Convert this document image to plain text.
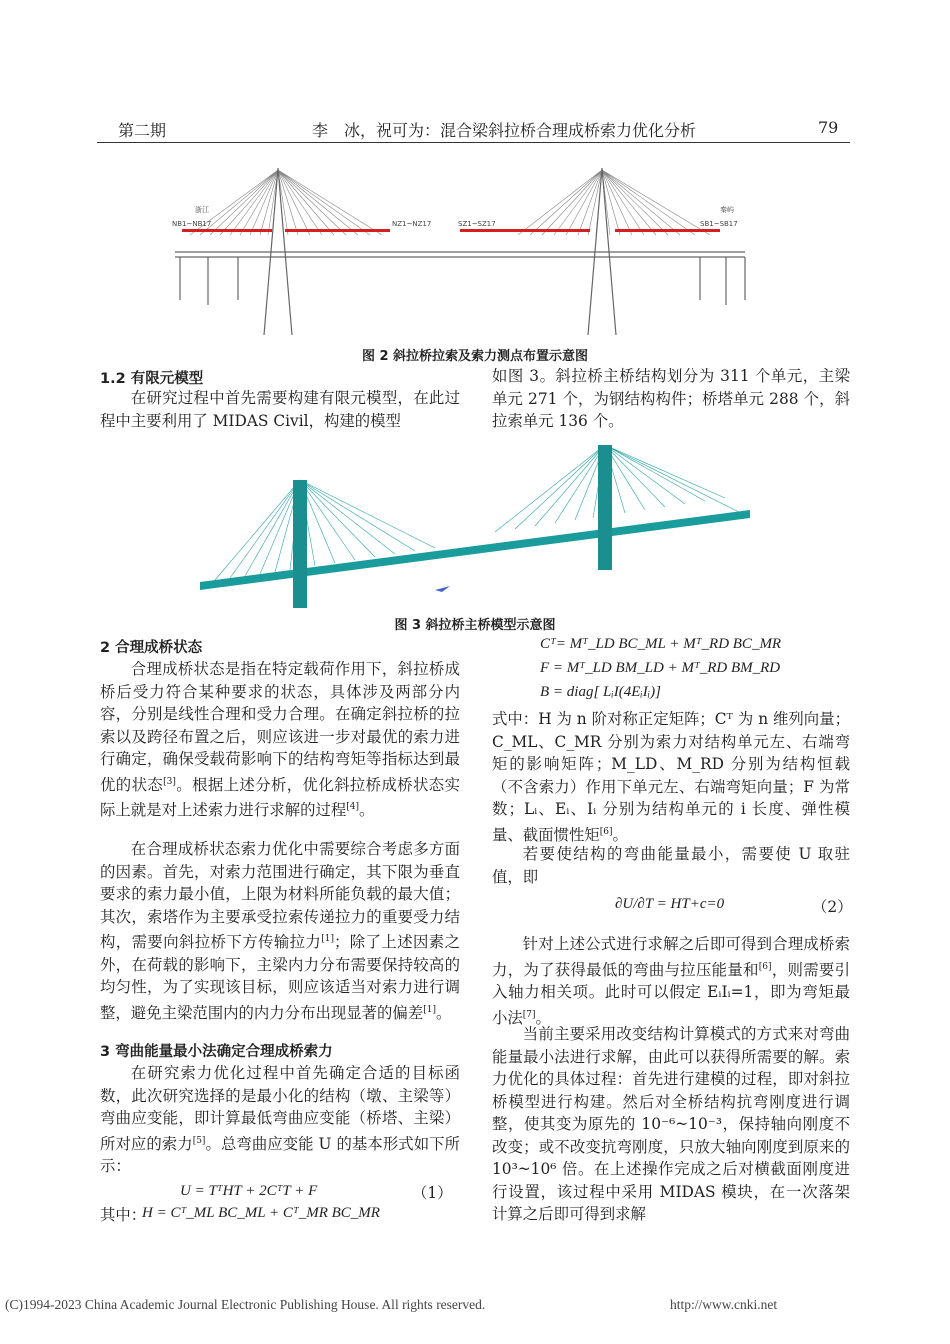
第二期	李　冰，祝可为：混合梁斜拉桥合理成桥索力优化分析	79
浙江	秦屿
NB1~NB17	NZ1~NZ17	SZ1~SZ17	SB1~SB17
图 2 斜拉桥拉索及索力测点布置示意图
1.2 有限元模型
在研究过程中首先需要构建有限元模型，在此过程中主要利用了 MIDAS Civil，构建的模型
如图 3。斜拉桥主桥结构划分为 311 个单元，主梁单元 271 个，为钢结构构件；桥塔单元 288 个，斜拉索单元 136 个。
图 3 斜拉桥主桥模型示意图
2 合理成桥状态
合理成桥状态是指在特定载荷作用下，斜拉桥成桥后受力符合某种要求的状态，具体涉及两部分内容，分别是线性合理和受力合理。在确定斜拉桥的拉索以及跨径布置之后，则应该进一步对最优的索力进行确定，确保受载荷影响下的结构弯矩等指标达到最优的状态[3]。根据上述分析，优化斜拉桥成桥状态实际上就是对上述索力进行求解的过程[4]。
在合理成桥状态索力优化中需要综合考虑多方面的因素。首先，对索力范围进行确定，其下限为垂直要求的索力最小值，上限为材料所能负载的最大值；其次，索塔作为主要承受拉索传递拉力的重要受力结构，需要向斜拉桥下方传输拉力[1]；除了上述因素之外，在荷载的影响下，主梁内力分布需要保持较高的均匀性，为了实现该目标，则应该适当对索力进行调整，避免主梁范围内的内力分布出现显著的偏差[1]。
3 弯曲能量最小法确定合理成桥索力
在研究索力优化过程中首先确定合适的目标函数，此次研究选择的是最小化的结构（墩、主梁等）弯曲应变能，即计算最低弯曲应变能（桥塔、主梁）所对应的索力[5]。总弯曲应变能 U 的基本形式如下所示：
U = TᵀHT + 2CᵀT + F	（1）
其中：
H = Cᵀ_ML BC_ML + Cᵀ_MR BC_MR
Cᵀ= Mᵀ_LD BC_ML + Mᵀ_RD BC_MR
F = Mᵀ_LD BM_LD + Mᵀ_RD BM_RD
B = diag[ LᵢI(4EᵢIᵢ)]
式中：H 为 n 阶对称正定矩阵；Cᵀ 为 n 维列向量；C_ML、C_MR 分别为索力对结构单元左、右端弯矩的影响矩阵；M_LD、M_RD 分别为结构恒载（不含索力）作用下单元左、右端弯矩向量；F 为常数；Lᵢ、Eᵢ、Iᵢ 分别为结构单元的 i 长度、弹性模量、截面惯性矩[6]。
若要使结构的弯曲能量最小，需要使 U 取驻值，即
∂U/∂T = HT+c=0	（2）
针对上述公式进行求解之后即可得到合理成桥索力，为了获得最低的弯曲与拉压能量和[6]，则需要引入轴力相关项。此时可以假定 EᵢIᵢ=1，即为弯矩最小法[7]。
当前主要采用改变结构计算模式的方式来对弯曲能量最小法进行求解，由此可以获得所需要的解。索力优化的具体过程：首先进行建模的过程，即对斜拉桥模型进行构建。然后对全桥结构抗弯刚度进行调整，使其变为原先的 10⁻⁶~10⁻³，保持轴向刚度不改变；或不改变抗弯刚度，只放大轴向刚度到原来的 10³~10⁶ 倍。在上述操作完成之后对横截面刚度进行设置，该过程中采用 MIDAS 模块，在一次落架计算之后即可得到求解
(C)1994-2023 China Academic Journal Electronic Publishing House. All rights reserved.	http://www.cnki.net
